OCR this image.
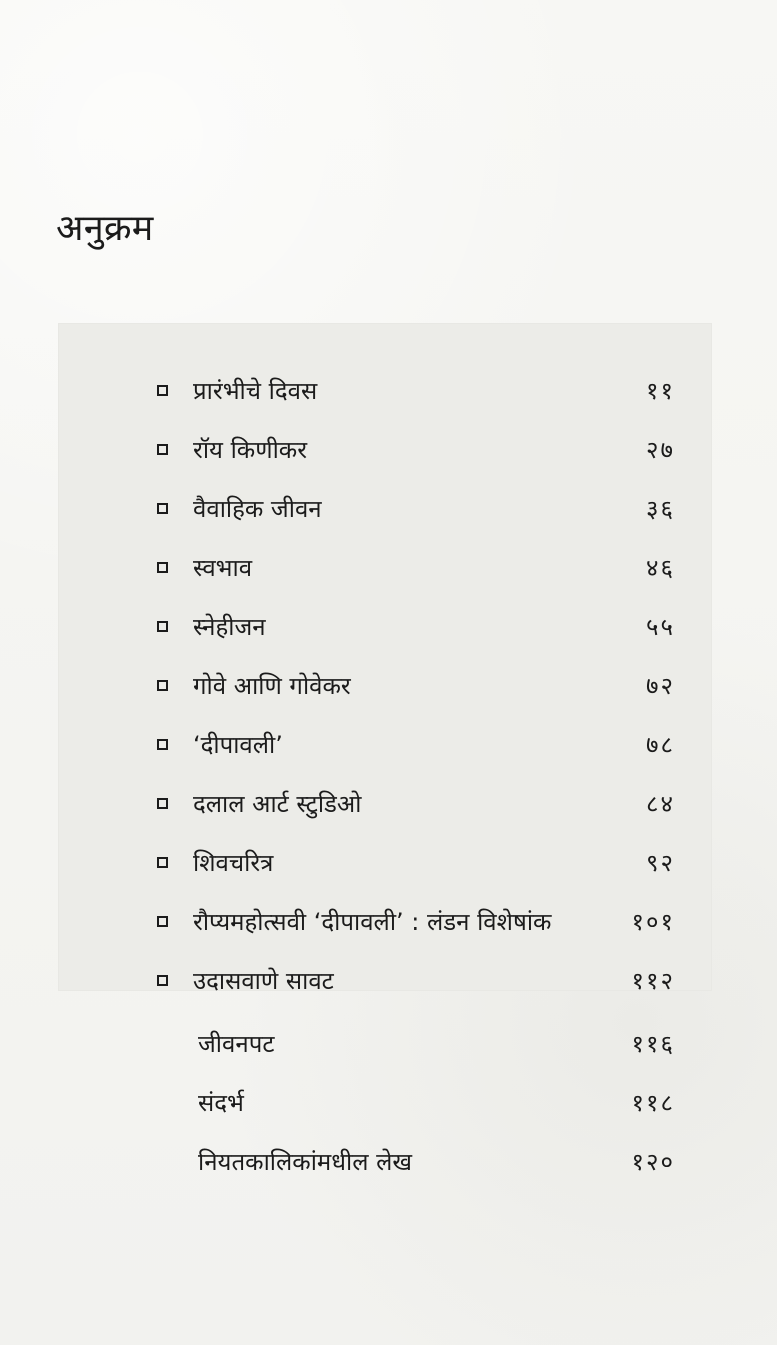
अनुक्रम
प्रारंभीचे दिवस	११
रॉय किणीकर	२७
वैवाहिक जीवन	३६
स्वभाव	४६
स्नेहीजन	५५
गोवे आणि गोवेकर	७२
‘दीपावली’	७८
दलाल आर्ट स्टुडिओ	८४
शिवचरित्र	९२
रौप्यमहोत्सवी ‘दीपावली’ : लंडन विशेषांक	१०१
उदासवाणे सावट	११२
जीवनपट	११६
संदर्भ	११८
नियतकालिकांमधील लेख	१२०
